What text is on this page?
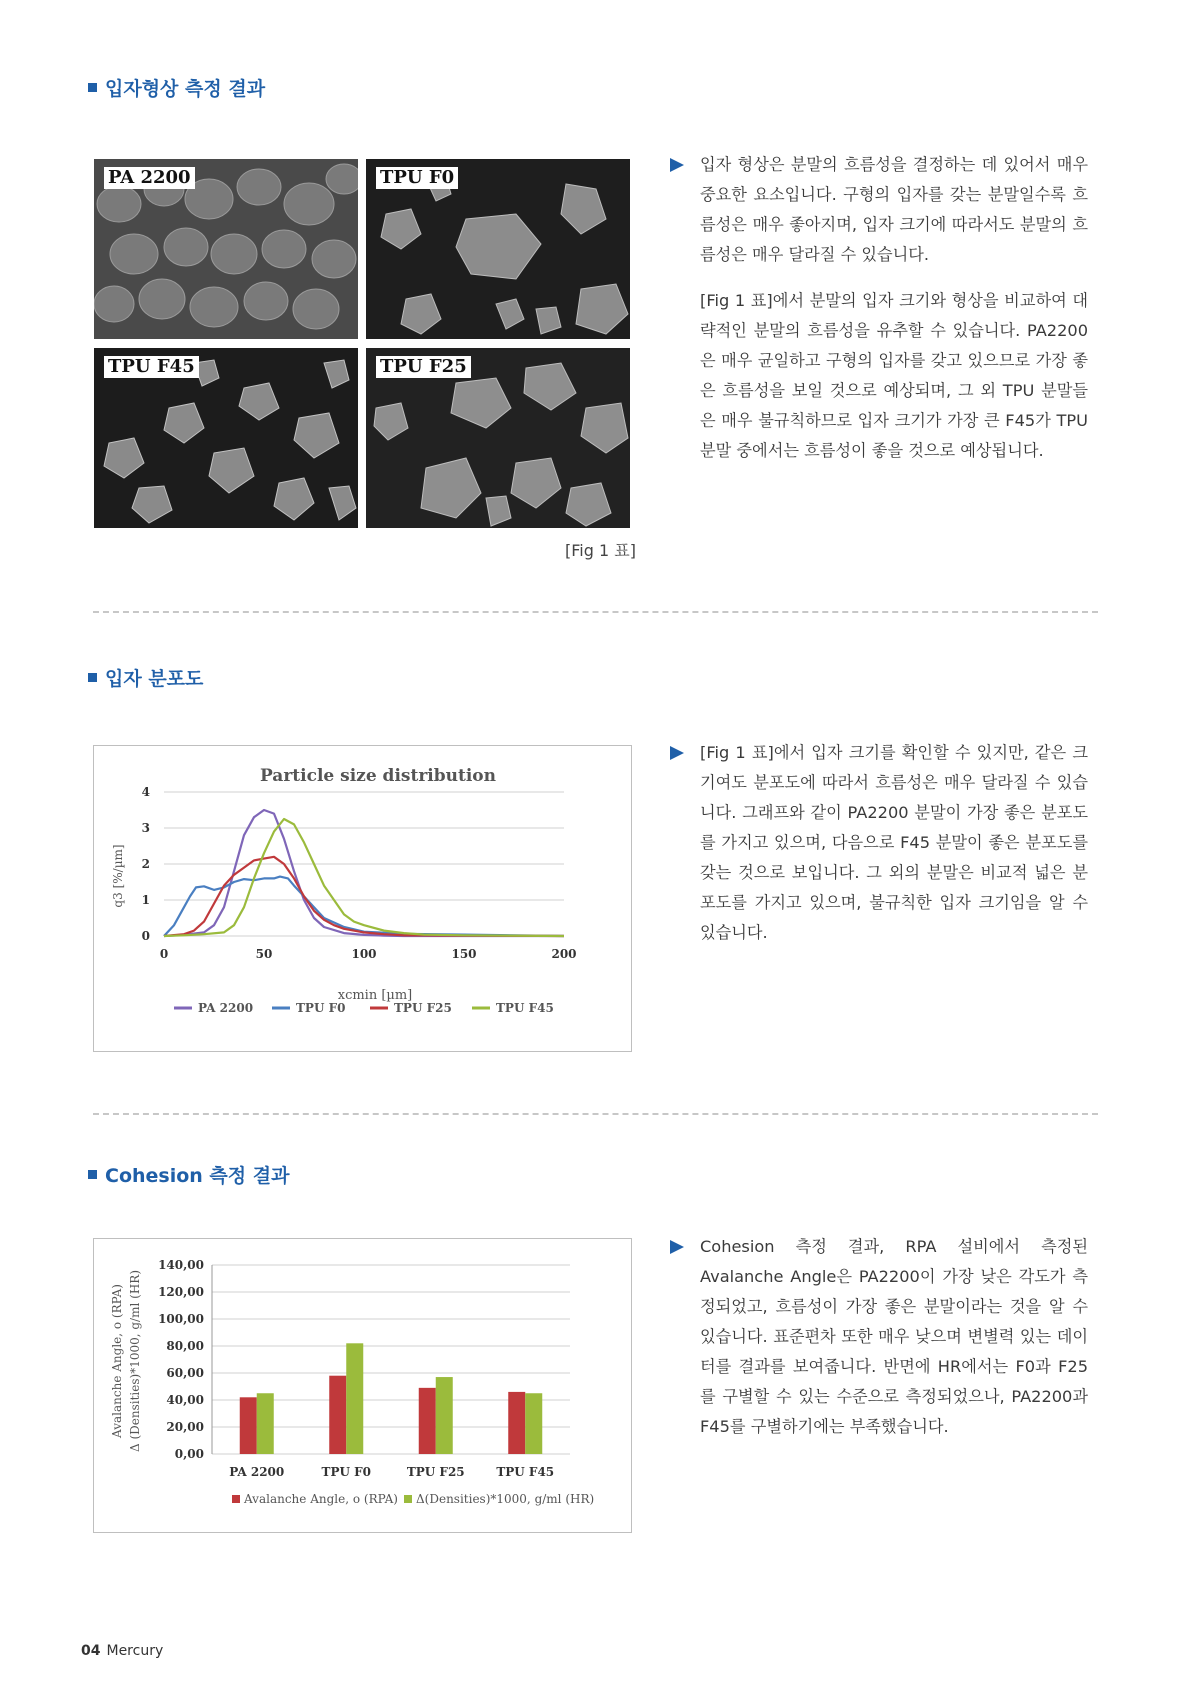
입자형상 측정 결과
PA 2200	TPU F0
TPU F45	TPU F25
[Fig 1 표]

입자 형상은 분말의 흐름성을 결정하는 데 있어서 매우 중요한 요소입니다. 구형의 입자를 갖는 분말일수록 흐름성은 매우 좋아지며, 입자 크기에 따라서도 분말의 흐름성은 매우 달라질 수 있습니다.

[Fig 1 표]에서 분말의 입자 크기와 형상을 비교하여 대략적인 분말의 흐름성을 유추할 수 있습니다. PA2200은 매우 균일하고 구형의 입자를 갖고 있으므로 가장 좋은 흐름성을 보일 것으로 예상되며, 그 외 TPU 분말들은 매우 불규칙하므로 입자 크기가 가장 큰 F45가 TPU 분말 중에서는 흐름성이 좋을 것으로 예상됩니다.

입자 분포도
Particle size distribution
q3 [%/µm]
xcmin [µm]
0
1
2
3
4
0	50	100	150	200
PA 2200	TPU F0	TPU F25	TPU F45

[Fig 1 표]에서 입자 크기를 확인할 수 있지만, 같은 크기여도 분포도에 따라서 흐름성은 매우 달라질 수 있습니다. 그래프와 같이 PA2200 분말이 가장 좋은 분포도를 가지고 있으며, 다음으로 F45 분말이 좋은 분포도를 갖는 것으로 보입니다. 그 외의 분말은 비교적 넓은 분포도를 가지고 있으며, 불규칙한 입자 크기임을 알 수 있습니다.

Cohesion 측정 결과
Avalanche Angle, o (RPA) Δ (Densities)*1000, g/ml (HR)
0,00
20,00
40,00
60,00
80,00
100,00
120,00
140,00
PA 2200	TPU F0	TPU F25	TPU F45
Avalanche Angle, o (RPA) Δ(Densities)*1000, g/ml (HR)

Cohesion 측정 결과, RPA 설비에서 측정된 Avalanche Angle은 PA2200이 가장 낮은 각도가 측정되었고, 흐름성이 가장 좋은 분말이라는 것을 알 수 있습니다. 표준편차 또한 매우 낮으며 변별력 있는 데이터를 결과를 보여줍니다. 반면에 HR에서는 F0과 F25를 구별할 수 있는 수준으로 측정되었으나, PA2200과 F45를 구별하기에는 부족했습니다.

04 Mercury
